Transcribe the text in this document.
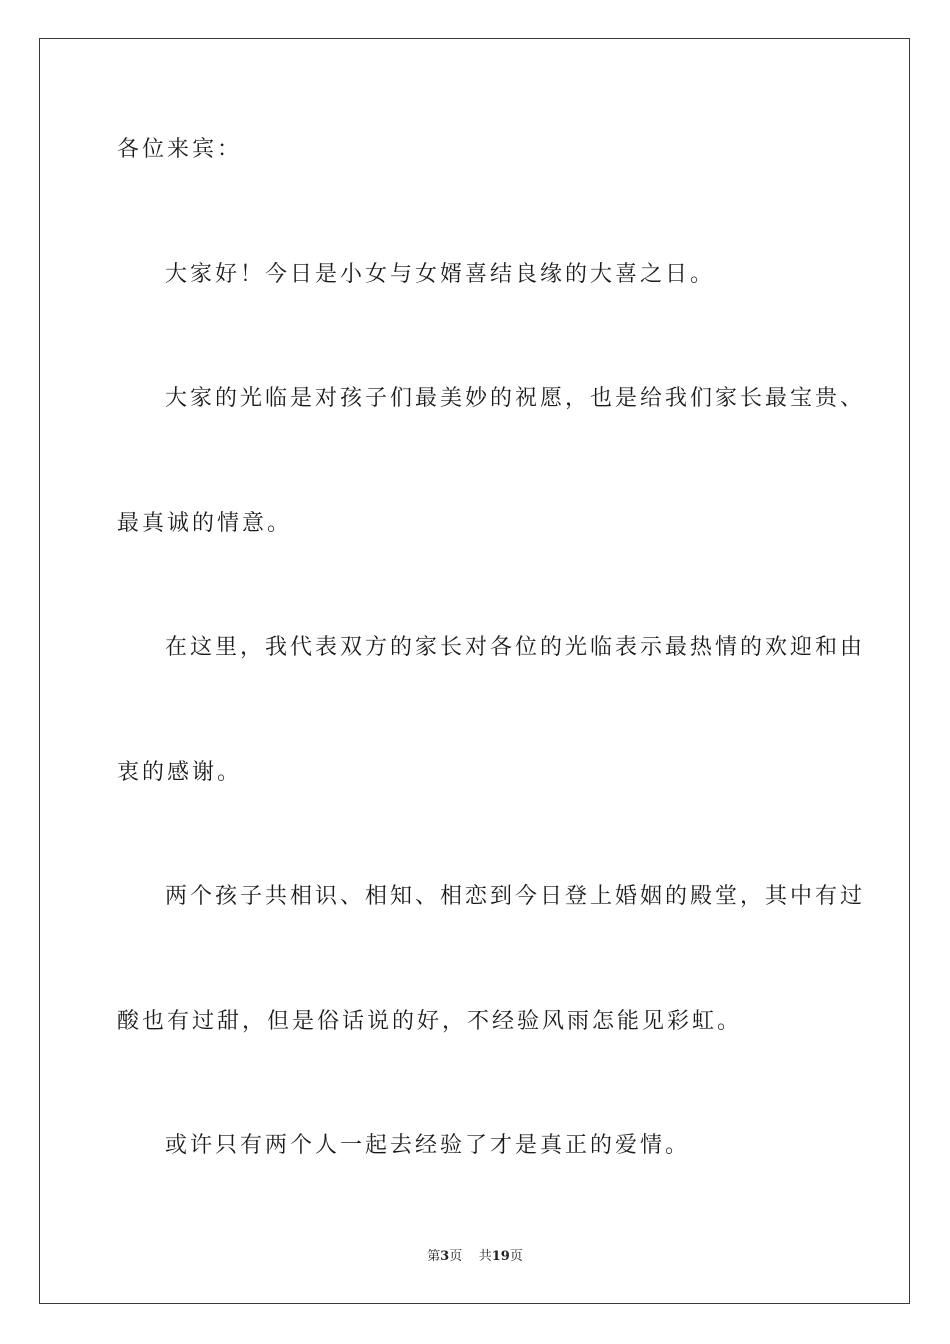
各位来宾：
大家好！今日是小女与女婿喜结良缘的大喜之日。
大家的光临是对孩子们最美妙的祝愿，也是给我们家长最宝贵、
最真诚的情意。
在这里，我代表双方的家长对各位的光临表示最热情的欢迎和由
衷的感谢。
两个孩子共相识、相知、相恋到今日登上婚姻的殿堂，其中有过
酸也有过甜，但是俗话说的好，不经验风雨怎能见彩虹。
或许只有两个人一起去经验了才是真正的爱情。
第3页 共19页
